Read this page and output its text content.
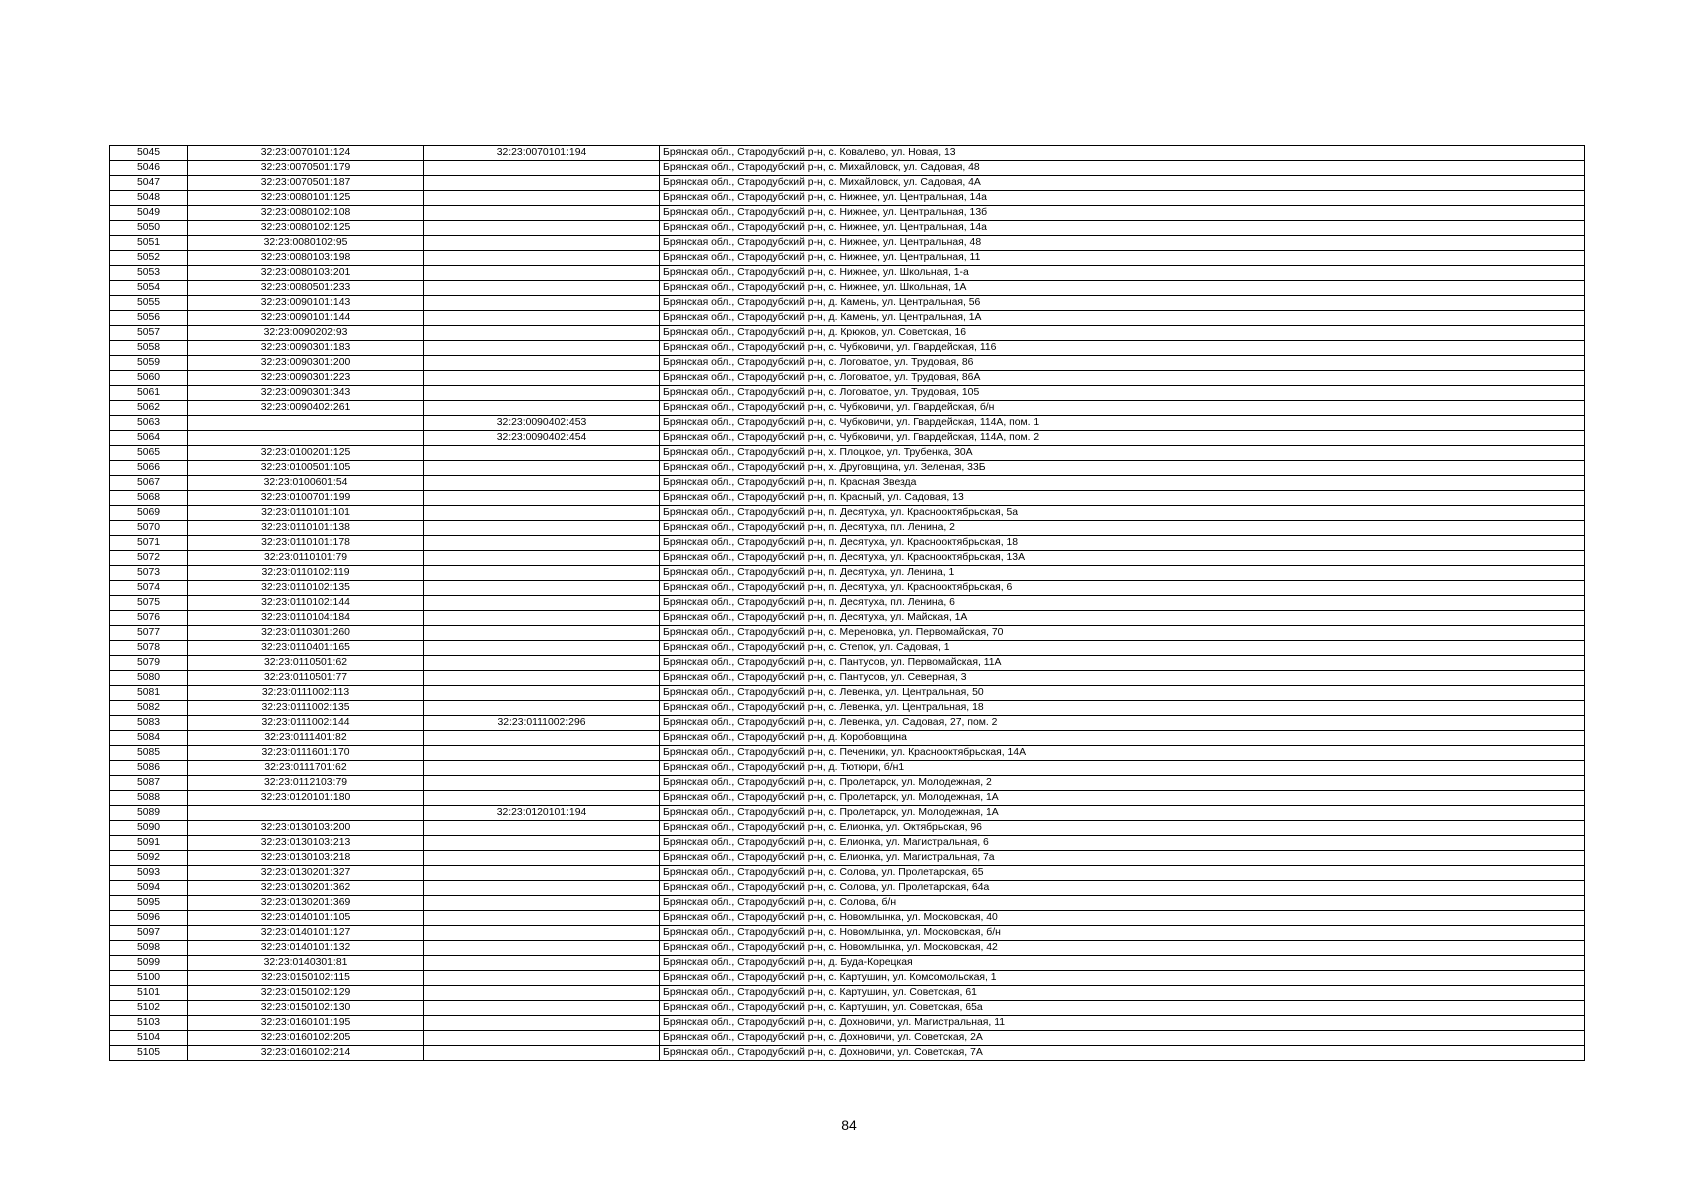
5045	32:23:0070101:124	32:23:0070101:194	Брянская обл., Стародубский р-н, с. Ковалево, ул. Новая, 13
5046	32:23:0070501:179		Брянская обл., Стародубский р-н, с. Михайловск, ул. Садовая, 48
5047	32:23:0070501:187		Брянская обл., Стародубский р-н, с. Михайловск, ул. Садовая, 4А
5048	32:23:0080101:125		Брянская обл., Стародубский р-н, с. Нижнее, ул. Центральная, 14а
5049	32:23:0080102:108		Брянская обл., Стародубский р-н, с. Нижнее, ул. Центральная, 13б
5050	32:23:0080102:125		Брянская обл., Стародубский р-н, с. Нижнее, ул. Центральная, 14а
5051	32:23:0080102:95		Брянская обл., Стародубский р-н, с. Нижнее, ул. Центральная, 48
5052	32:23:0080103:198		Брянская обл., Стародубский р-н, с. Нижнее, ул. Центральная, 11
5053	32:23:0080103:201		Брянская обл., Стародубский р-н, с. Нижнее, ул. Школьная, 1-а
5054	32:23:0080501:233		Брянская обл., Стародубский р-н, с. Нижнее, ул. Школьная, 1А
5055	32:23:0090101:143		Брянская обл., Стародубский р-н, д. Камень, ул. Центральная, 56
5056	32:23:0090101:144		Брянская обл., Стародубский р-н, д. Камень, ул. Центральная, 1А
5057	32:23:0090202:93		Брянская обл., Стародубский р-н, д. Крюков, ул. Советская, 16
5058	32:23:0090301:183		Брянская обл., Стародубский р-н, с. Чубковичи, ул. Гвардейская, 116
5059	32:23:0090301:200		Брянская обл., Стародубский р-н, с. Логоватое, ул. Трудовая, 86
5060	32:23:0090301:223		Брянская обл., Стародубский р-н, с. Логоватое, ул. Трудовая, 86А
5061	32:23:0090301:343		Брянская обл., Стародубский р-н, с. Логоватое, ул. Трудовая, 105
5062	32:23:0090402:261		Брянская обл., Стародубский р-н, с. Чубковичи, ул. Гвардейская, б/н
5063		32:23:0090402:453	Брянская обл., Стародубский р-н, с. Чубковичи, ул. Гвардейская, 114А, пом. 1
5064		32:23:0090402:454	Брянская обл., Стародубский р-н, с. Чубковичи, ул. Гвардейская, 114А, пом. 2
5065	32:23:0100201:125		Брянская обл., Стародубский р-н, х. Плоцкое, ул. Трубенка, 30А
5066	32:23:0100501:105		Брянская обл., Стародубский р-н, х. Друговщина, ул. Зеленая, 33Б
5067	32:23:0100601:54		Брянская обл., Стародубский р-н, п. Красная Звезда
5068	32:23:0100701:199		Брянская обл., Стародубский р-н, п. Красный, ул. Садовая, 13
5069	32:23:0110101:101		Брянская обл., Стародубский р-н, п. Десятуха, ул. Краснооктябрьская, 5а
5070	32:23:0110101:138		Брянская обл., Стародубский р-н, п. Десятуха, пл. Ленина, 2
5071	32:23:0110101:178		Брянская обл., Стародубский р-н, п. Десятуха, ул. Краснооктябрьская, 18
5072	32:23:0110101:79		Брянская обл., Стародубский р-н, п. Десятуха, ул. Краснооктябрьская, 13А
5073	32:23:0110102:119		Брянская обл., Стародубский р-н, п. Десятуха, ул. Ленина, 1
5074	32:23:0110102:135		Брянская обл., Стародубский р-н, п. Десятуха, ул. Краснооктябрьская, 6
5075	32:23:0110102:144		Брянская обл., Стародубский р-н, п. Десятуха, пл. Ленина, 6
5076	32:23:0110104:184		Брянская обл., Стародубский р-н, п. Десятуха, ул. Майская, 1А
5077	32:23:0110301:260		Брянская обл., Стародубский р-н, с. Мереновка, ул. Первомайская, 70
5078	32:23:0110401:165		Брянская обл., Стародубский р-н, с. Степок, ул. Садовая, 1
5079	32:23:0110501:62		Брянская обл., Стародубский р-н, с. Пантусов, ул. Первомайская, 11А
5080	32:23:0110501:77		Брянская обл., Стародубский р-н, с. Пантусов, ул. Северная, 3
5081	32:23:0111002:113		Брянская обл., Стародубский р-н, с. Левенка, ул. Центральная, 50
5082	32:23:0111002:135		Брянская обл., Стародубский р-н, с. Левенка, ул. Центральная, 18
5083	32:23:0111002:144	32:23:0111002:296	Брянская обл., Стародубский р-н, с. Левенка, ул. Садовая, 27, пом. 2
5084	32:23:0111401:82		Брянская обл., Стародубский р-н, д. Коробовщина
5085	32:23:0111601:170		Брянская обл., Стародубский р-н, с. Печеники, ул. Краснооктябрьская, 14А
5086	32:23:0111701:62		Брянская обл., Стародубский р-н, д. Тютюри, б/н1
5087	32:23:0112103:79		Брянская обл., Стародубский р-н, с. Пролетарск, ул. Молодежная, 2
5088	32:23:0120101:180		Брянская обл., Стародубский р-н, с. Пролетарск, ул. Молодежная, 1А
5089		32:23:0120101:194	Брянская обл., Стародубский р-н, с. Пролетарск, ул. Молодежная, 1А
5090	32:23:0130103:200		Брянская обл., Стародубский р-н, с. Елионка, ул. Октябрьская, 96
5091	32:23:0130103:213		Брянская обл., Стародубский р-н, с. Елионка, ул. Магистральная, 6
5092	32:23:0130103:218		Брянская обл., Стародубский р-н, с. Елионка, ул. Магистральная, 7а
5093	32:23:0130201:327		Брянская обл., Стародубский р-н, с. Солова, ул. Пролетарская, 65
5094	32:23:0130201:362		Брянская обл., Стародубский р-н, с. Солова, ул. Пролетарская, 64а
5095	32:23:0130201:369		Брянская обл., Стародубский р-н, с. Солова, б/н
5096	32:23:0140101:105		Брянская обл., Стародубский р-н, с. Новомлынка, ул. Московская, 40
5097	32:23:0140101:127		Брянская обл., Стародубский р-н, с. Новомлынка, ул. Московская, б/н
5098	32:23:0140101:132		Брянская обл., Стародубский р-н, с. Новомлынка, ул. Московская, 42
5099	32:23:0140301:81		Брянская обл., Стародубский р-н, д. Буда-Корецкая
5100	32:23:0150102:115		Брянская обл., Стародубский р-н, с. Картушин, ул. Комсомольская, 1
5101	32:23:0150102:129		Брянская обл., Стародубский р-н, с. Картушин, ул. Советская, 61
5102	32:23:0150102:130		Брянская обл., Стародубский р-н, с. Картушин, ул. Советская, 65а
5103	32:23:0160101:195		Брянская обл., Стародубский р-н, с. Дохновичи, ул. Магистральная, 11
5104	32:23:0160102:205		Брянская обл., Стародубский р-н, с. Дохновичи, ул. Советская, 2А
5105	32:23:0160102:214		Брянская обл., Стародубский р-н, с. Дохновичи, ул. Советская, 7А
84
